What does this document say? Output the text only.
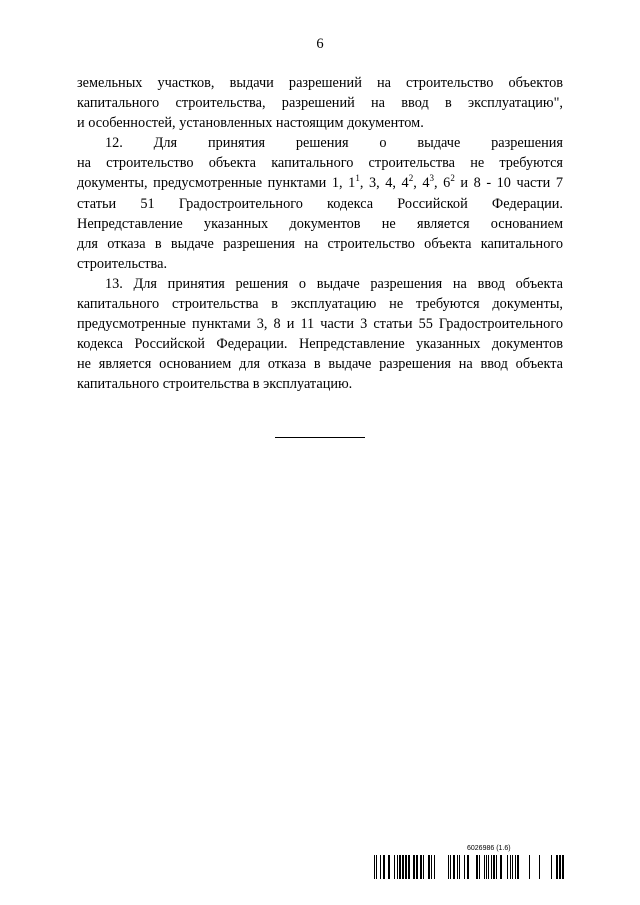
6
земельных участков, выдачи разрешений на строительство объектов
капитального строительства, разрешений на ввод в эксплуатацию",
и особенностей, установленных настоящим документом.
12. Для принятия решения о выдаче разрешения
на строительство объекта капитального строительства не требуются
документы, предусмотренные пунктами 1, $1^1$, 3, 4, $4^2$, $4^3$, $6^2$ и 8 - 10 части 7
статьи 51 Градостроительного кодекса Российской Федерации.
Непредставление указанных документов не является основанием
для отказа в выдаче разрешения на строительство объекта капитального
строительства.
13. Для принятия решения о выдаче разрешения на ввод объекта
капитального строительства в эксплуатацию не требуются документы,
предусмотренные пунктами 3, 8 и 11 части 3 статьи 55 Градостроительного
кодекса Российской Федерации. Непредставление указанных документов
не является основанием для отказа в выдаче разрешения на ввод объекта
капитального строительства в эксплуатацию.
6026986 (1.6)
